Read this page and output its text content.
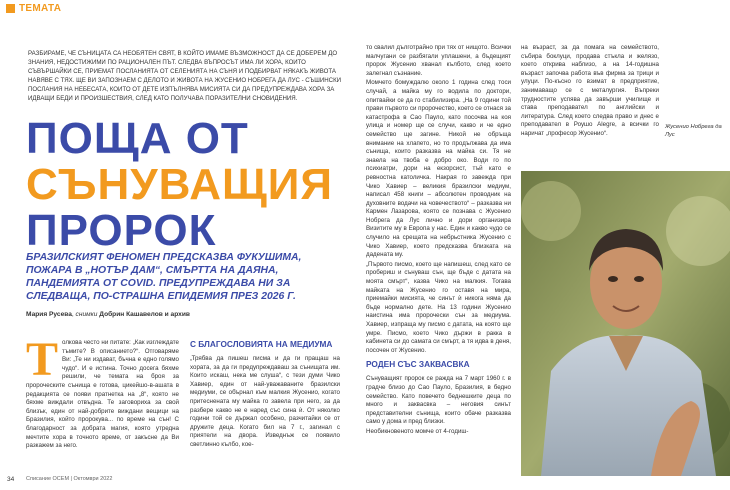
ТЕМАТА
РАЗБИРАМЕ, ЧЕ СЪНИЦАТА СА НЕОБЯТЕН СВЯТ, В КОЙТО ИМАМЕ ВЪЗМОЖНОСТ ДА СЕ ДОБЕРЕМ ДО ЗНАНИЯ, НЕДОСТИЖИМИ ПО РАЦИОНАЛЕН ПЪТ. СЛЕДВА ВЪПРОСЪТ ИМА ЛИ ХОРА, КОИТО СЪВЪРШАЙКИ СЕ, ПРИЕМАТ ПОСЛАНИЯТА ОТ СЕЛЕНИЯТА НА СЪНЯ И ПОДБИРВАТ НЯКАКЪ ЖИВОТА НАВЯВЕ С ТЯХ. ЩЕ ВИ ЗАПОЗНАЕМ С ДЕЛОТО И ЖИВОТА НА ЖУСЕНИО НОБРЕГА ДА ЛУС - СЪШИНСКИ ПОСЛАНИЯ НА НЕБЕСАТА, КОИТО ОТ ДЕТЕ ИЗПЪЛНЯВА МИСИЯТА СИ ДА ПРЕДУПРЕЖДАВА ХОРА ЗА ИДВАЩИ БЕДИ И ПРОИЗШЕСТВИЯ, СЛЕД КАТО ПОЛУЧАВА ПОРАЗИТЕЛНИ СНОВИДЕНИЯ.
ПОЩА ОТ
СЪНУВАЩИЯ
ПРОРОК
БРАЗИЛСКИЯТ ФЕНОМЕН ПРЕДСКАЗВА ФУКУШИМА, ПОЖАРА В „НОТЪР ДАМ“, СМЪРТТА НА ДАЯНА, ПАНДЕМИЯТА ОТ COVID. ПРЕДУПРЕЖДАВА НИ ЗА СЛЕДВАЩА, ПО-СТРАШНА ЕПИДЕМИЯ ПРЕЗ 2026 Г.
Мария Русева, снимки Добрин Кашавелов и архив
Т олкова често ни питате: „Как изглеждате тъмите? В описанието?“. Отговаряме Ви: „Те ни издават, бъчна е едно голямо чудо“. И е истина. Точно досега бяхме решили, че темата на броя за пророческите сънища е готова, цикейшо-в-ашата в редакцията се появи пратнетка на „8“, която не бяхме виждали отвъдна. Те заговориха за свой близък, един от най-добрите виждани вещици на Бразилия, който пророкува... по време на сън! С благодарност за добрата магия, която утредна мечтите хора в точното време, от закъсне да Ви разкажем за него.

С БЛАГОСЛОВИЯТА НА МЕДИУМА

„Трябва да пишеш писма и да ги пращаш на хората, за да ги предупреждаваш за сънищата им. Които искаш, нека ме слуша“, с тези думи Чико Хавиер, един от най-уважаваните бразилски медиуми, се обърнал към малкия Жусенио, когато притеснената му майка го завела при него, за да разбере какво не е наред със сина ѝ. От няколко години той се държал особено, разчитайки се от дружите деца. Когато бил на 7 г., загинал с приятели на двора. Изведнъж се появило светлинно кълбо, кое-

то свалил дълготрайно при тях от нищото. Всички малчугани се разбягали уплашени, а бъдещият пророк Жусенио хванал кълбото, след което залегнал съзнание.

Момчето бомуждалю около 1 година след тоси случай, а майка му го водила по доктори, опитвайки се да го стабилизира. „На 9 години той прави първото си пророчество, което се отнася за катастрофа в Сао Пауло, като посочва на коя улица и номер ще се случи, какво и че едно семейство ще загине. Никой не обръща внимание на хлапето, но то продължава да има сънища, които разказва на майка си. Тя не знаела на твоба е добро око. Води го по психиатри, дори на екзорсист, тъй като е ревностна католичка. Накрая го завежда при Чико Хавиер – великия бразилски медиум, написал 458 книги – абсолютен проводник на духовните водачи на човечеството“ – разказва ни Кармен Лазарова, която се познава с Жусенио Нобрега да Лус лично и дори организира Визитите му в Европа у нас. Един и какво чудо се случило на срещата на небрьстника Жусенио с Чико Хавиер, което предсказва близката на дадената му.

„Първото писмо, което ще напишеш, след като се пробериш и сънуваш сън, ще бъде с датата на моята смърт“, казва Чико на малкия. Тогава майката на Жусенио го оставя на мира, приемайки мисията, че синът ѝ никога няма да бъде нормално дете. На 13 години Жусенио наистина има пророчески сън за медиума. Хавиер, изпраща му писмо с датата, на която ще умре. Писмо, което Чико държи в ракка в кабинета си до самата си смърт, а тя идва в деня, посочен от Жусенио.

РОДЕН СЪС ЗАКВАСВКА

Сънуващият пророк се ражда на 7 март 1960 г. в градче близо до Сао Пауло, Бразилия, в бедно семейство. Като повечето беднешките деца по много и заквасвка – неговия синът представителни сънища, които обаче разказва само у дома и пред близки.

Необикновеното момче от 4-годиш-

на възраст, за да помага на семейството, събира боклуци, продава стъкла и желязо, което открива наблизо, а на 14-годишна възраст започва работа във фирма за трици и улуци. По-късно го взимат в предприятие, занимаващо се с металургия. Въпреки трудностите успява да завърши училище и става преподавател по английски и литература. След което следва право и днес е преподавател в Роушо Alegre, а всички го наричат „професор Жусенио“.

Жусенио Нобрега да Лус
34 Списание ОСЕМ | Октомври 2022
